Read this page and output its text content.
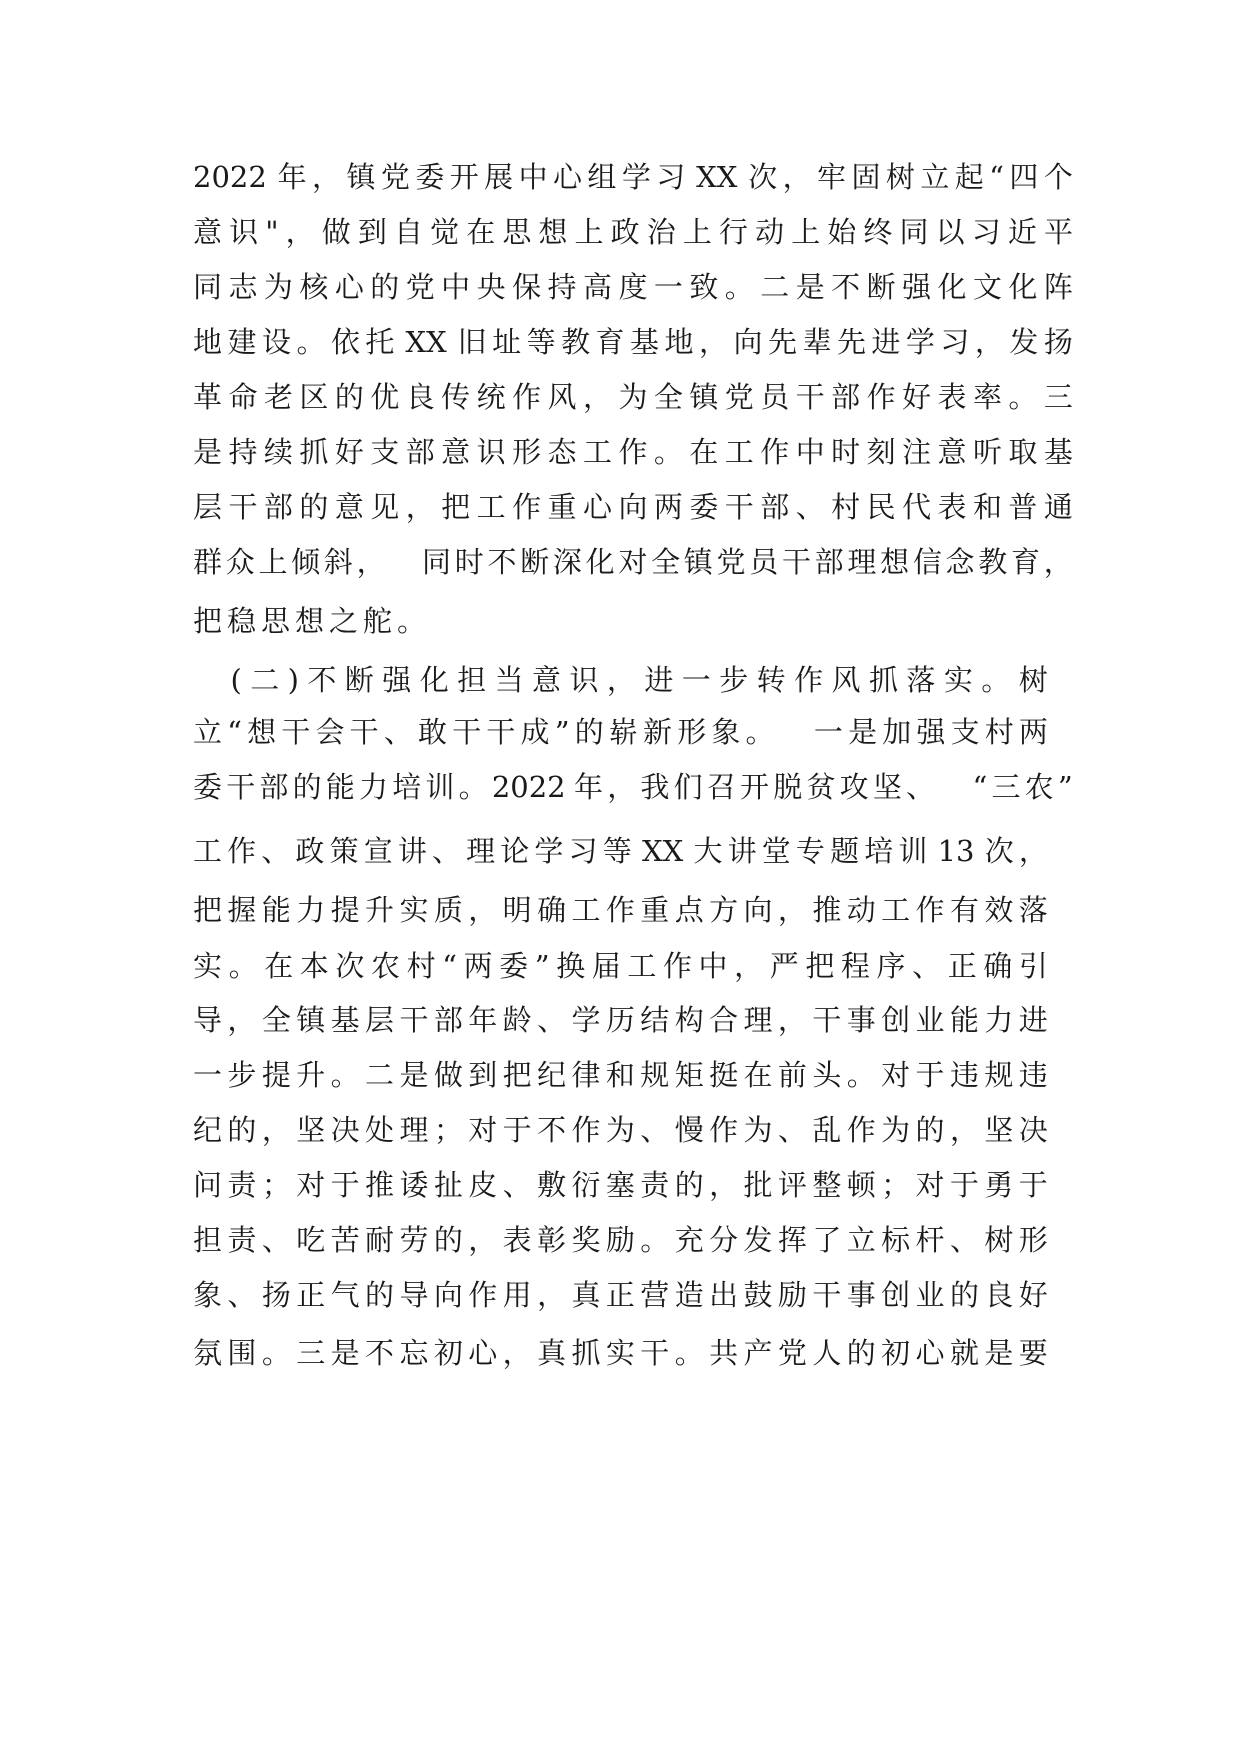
2022 年 ， 镇 党 委 开 展 中 心 组 学 习 XX 次 ， 牢 固 树 立 起 “ 四 个

意 识 " ， 做 到 自 觉 在 思 想 上 政 治 上 行 动 上 始 终 同 以 习 近 平

同 志 为 核 心 的 党 中 央 保 持 高 度 一 致 。 二 是 不 断 强 化 文 化 阵

地 建 设 。 依 托 XX 旧 址 等 教 育 基 地 ， 向 先 辈 先 进 学 习 ， 发 扬

革 命 老 区 的 优 良 传 统 作 风 ， 为 全 镇 党 员 干 部 作 好 表 率 。 三

是 持 续 抓 好 支 部 意 识 形 态 工 作 。 在 工 作 中 时 刻 注 意 听 取 基

层 干 部 的 意 见 ， 把 工 作 重 心 向 两 委 干 部 、 村 民 代 表 和 普 通

群 众 上 倾 斜 ，
　 同 时 不 断 深 化 对 全 镇 党 员 干 部 理 想 信 念 教 育 ，

把稳思想之舵。

( 二 ) 不 断 强 化 担 当 意 识 ， 进 一 步 转 作 风 抓 落 实 。 树

立 “ 想 干 会 干 、 敢 干 干 成 ” 的 崭 新 形 象 。
　 一 是 加 强 支 村 两

委 干 部 的 能 力 培 训 。 2022 年 ， 我 们 召 开 脱 贫 攻 坚 、
　 “ 三 农 ”

工 作 、 政 策 宣 讲 、 理 论 学 习 等 XX 大 讲 堂 专 题 培 训 13 次 ，

把 握 能 力 提 升 实 质 ， 明 确 工 作 重 点 方 向 ， 推 动 工 作 有 效 落

实 。 在 本 次 农 村 “ 两 委 ” 换 届 工 作 中 ， 严 把 程 序 、 正 确 引

导 ， 全 镇 基 层 干 部 年 龄 、 学 历 结 构 合 理 ， 干 事 创 业 能 力 进

一 步 提 升 。 二 是 做 到 把 纪 律 和 规 矩 挺 在 前 头 。 对 于 违 规 违

纪 的 ， 坚 决 处 理 ； 对 于 不 作 为 、 慢 作 为 、 乱 作 为 的 ， 坚 决

问 责 ； 对 于 推 诿 扯 皮 、 敷 衍 塞 责 的 ， 批 评 整 顿 ； 对 于 勇 于

担 责 、 吃 苦 耐 劳 的 ， 表 彰 奖 励 。 充 分 发 挥 了 立 标 杆 、 树 形

象 、 扬 正 气 的 导 向 作 用 ， 真 正 营 造 出 鼓 励 干 事 创 业 的 良 好

氛 围 。 三 是 不 忘 初 心 ， 真 抓 实 干 。 共 产 党 人 的 初 心 就 是 要
